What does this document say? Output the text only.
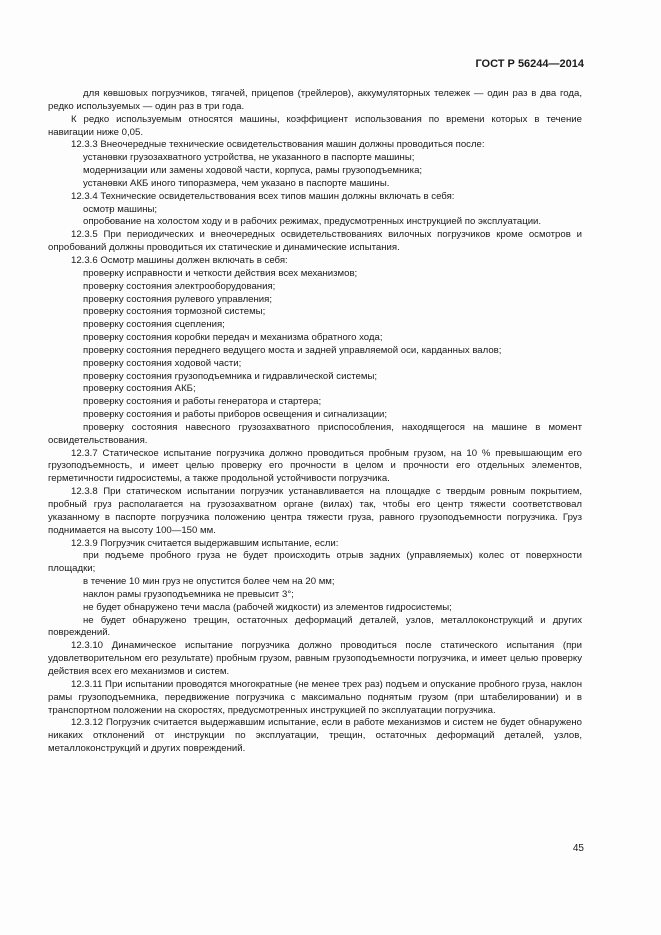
ГОСТ Р 56244—2014

- для ковшовых погрузчиков, тягачей, прицепов (трейлеров), аккумуляторных тележек — один раз в два года, редко используемых — один раз в три года.

К редко используемым относятся машины, коэффициент использования по времени которых в течение навигации ниже 0,05.

12.3.3 Внеочередные технические освидетельствования машин должны проводиться после:

- установки грузозахватного устройства, не указанного в паспорте машины;

- модернизации или замены ходовой части, корпуса, рамы грузоподъемника;

- установки АКБ иного типоразмера, чем указано в паспорте машины.

12.3.4 Технические освидетельствования всех типов машин должны включать в себя:

- осмотр машины;

- опробование на холостом ходу и в рабочих режимах, предусмотренных инструкцией по эксплуатации.

12.3.5 При периодических и внеочередных освидетельствованиях вилочных погрузчиков кроме осмотров и опробований должны проводиться их статические и динамические испытания.

12.3.6 Осмотр машины должен включать в себя:

- проверку исправности и четкости действия всех механизмов;

- проверку состояния электрооборудования;

- проверку состояния рулевого управления;

- проверку состояния тормозной системы;

- проверку состояния сцепления;

- проверку состояния коробки передач и механизма обратного хода;

- проверку состояния переднего ведущего моста и задней управляемой оси, карданных валов;

- проверку состояния ходовой части;

- проверку состояния грузоподъемника и гидравлической системы;

- проверку состояния АКБ;

- проверку состояния и работы генератора и стартера;

- проверку состояния и работы приборов освещения и сигнализации;

- проверку состояния навесного грузозахватного приспособления, находящегося на машине в момент освидетельствования.

12.3.7 Статическое испытание погрузчика должно проводиться пробным грузом, на 10 % превышающим его грузоподъемность, и имеет целью проверку его прочности в целом и прочности его отдельных элементов, герметичности гидросистемы, а также продольной устойчивости погрузчика.

12.3.8 При статическом испытании погрузчик устанавливается на площадке с твердым ровным покрытием, пробный груз располагается на грузозахватном органе (вилах) так, чтобы его центр тяжести соответствовал указанному в паспорте погрузчика положению центра тяжести груза, равного грузоподъемности погрузчика. Груз поднимается на высоту 100—150 мм.

12.3.9 Погрузчик считается выдержавшим испытание, если:

- при подъеме пробного груза не будет происходить отрыв задних (управляемых) колес от поверхности площадки;

- в течение 10 мин груз не опустится более чем на 20 мм;

- наклон рамы грузоподъемника не превысит 3°;

- не будет обнаружено течи масла (рабочей жидкости) из элементов гидросистемы;

- не будет обнаружено трещин, остаточных деформаций деталей, узлов, металлоконструкций и других повреждений.

12.3.10 Динамическое испытание погрузчика должно проводиться после статического испытания (при удовлетворительном его результате) пробным грузом, равным грузоподъемности погрузчика, и имеет целью проверку действия всех его механизмов и систем.

12.3.11 При испытании проводятся многократные (не менее трех раз) подъем и опускание пробного груза, наклон рамы грузоподъемника, передвижение погрузчика с максимально поднятым грузом (при штабелировании) и в транспортном положении на скоростях, предусмотренных инструкцией по эксплуатации погрузчика.

12.3.12 Погрузчик считается выдержавшим испытание, если в работе механизмов и систем не будет обнаружено никаких отклонений от инструкции по эксплуатации, трещин, остаточных деформаций деталей, узлов, металлоконструкций и других повреждений.

45
